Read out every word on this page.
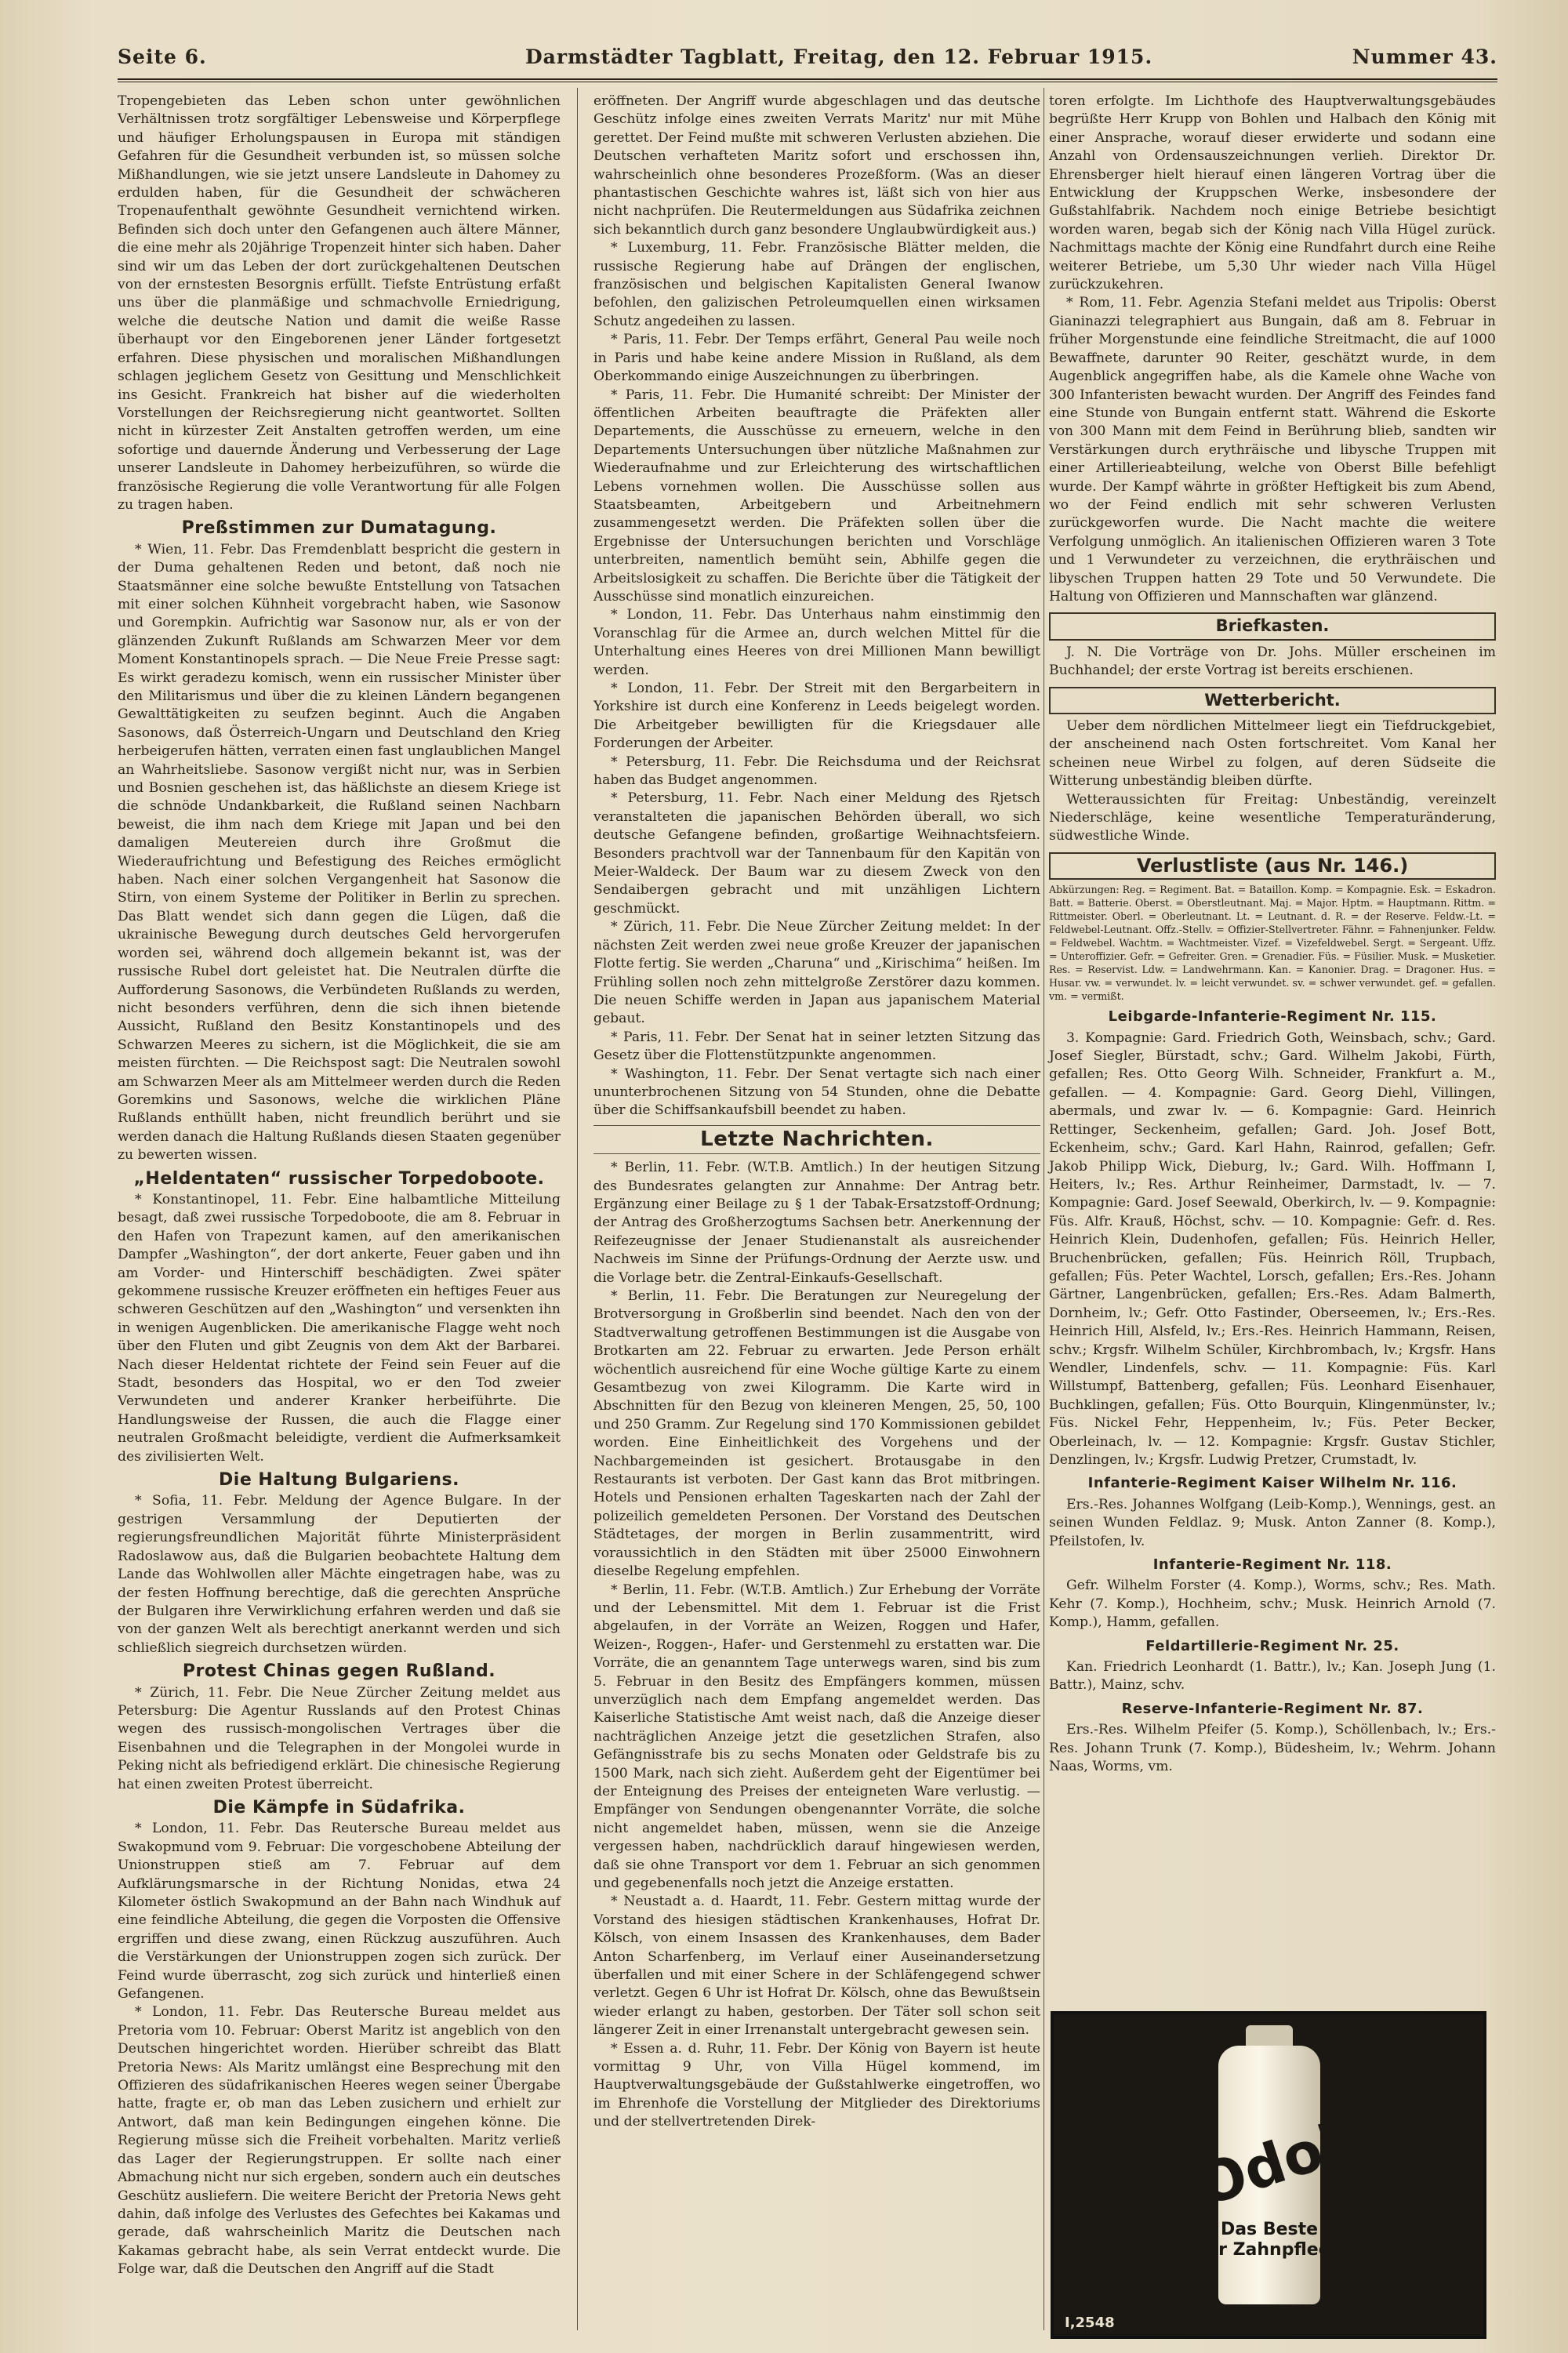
Seite 6.	Darmstädter Tagblatt, Freitag, den 12. Februar 1915.	Nummer 43.

Tropengebieten das Leben schon unter gewöhnlichen Verhältnissen trotz sorgfältiger Lebensweise und Körperpflege und häufiger Erholungspausen in Europa mit ständigen Gefahren für die Gesundheit verbunden ist, so müssen solche Mißhandlungen, wie sie jetzt unsere Landsleute in Dahomey zu erdulden haben, für die Gesundheit der schwächeren Tropenaufenthalt gewöhnte Gesundheit vernichtend wirken. Befinden sich doch unter den Gefangenen auch ältere Männer, die eine mehr als 20jährige Tropenzeit hinter sich haben. Daher sind wir um das Leben der dort zurückgehaltenen Deutschen von der ernstesten Besorgnis erfüllt. Tiefste Entrüstung erfaßt uns über die planmäßige und schmachvolle Erniedrigung, welche die deutsche Nation und damit die weiße Rasse überhaupt vor den Eingeborenen jener Länder fortgesetzt erfahren. Diese physischen und moralischen Mißhandlungen schlagen jeglichem Gesetz von Gesittung und Menschlichkeit ins Gesicht. Frankreich hat bisher auf die wiederholten Vorstellungen der Reichsregierung nicht geantwortet. Sollten nicht in kürzester Zeit Anstalten getroffen werden, um eine sofortige und dauernde Änderung und Verbesserung der Lage unserer Landsleute in Dahomey herbeizuführen, so würde die französische Regierung die volle Verantwortung für alle Folgen zu tragen haben.

Preßstimmen zur Dumatagung.

* Wien, 11. Febr. Das Fremdenblatt bespricht die gestern in der Duma gehaltenen Reden und betont, daß noch nie Staatsmänner eine solche bewußte Entstellung von Tatsachen mit einer solchen Kühnheit vorgebracht haben, wie Sasonow und Gorempkin. Aufrichtig war Sasonow nur, als er von der glänzenden Zukunft Rußlands am Schwarzen Meer vor dem Moment Konstantinopels sprach. — Die Neue Freie Presse sagt: Es wirkt geradezu komisch, wenn ein russischer Minister über den Militarismus und über die zu kleinen Ländern begangenen Gewalttätigkeiten zu seufzen beginnt. Auch die Angaben Sasonows, daß Österreich-Ungarn und Deutschland den Krieg herbeigerufen hätten, verraten einen fast unglaublichen Mangel an Wahrheitsliebe. Sasonow vergißt nicht nur, was in Serbien und Bosnien geschehen ist, das häßlichste an diesem Kriege ist die schnöde Undankbarkeit, die Rußland seinen Nachbarn beweist, die ihm nach dem Kriege mit Japan und bei den damaligen Meutereien durch ihre Großmut die Wiederaufrichtung und Befestigung des Reiches ermöglicht haben. Nach einer solchen Vergangenheit hat Sasonow die Stirn, von einem Systeme der Politiker in Berlin zu sprechen. Das Blatt wendet sich dann gegen die Lügen, daß die ukrainische Bewegung durch deutsches Geld hervorgerufen worden sei, während doch allgemein bekannt ist, was der russische Rubel dort geleistet hat. Die Neutralen dürfte die Aufforderung Sasonows, die Verbündeten Rußlands zu werden, nicht besonders verführen, denn die sich ihnen bietende Aussicht, Rußland den Besitz Konstantinopels und des Schwarzen Meeres zu sichern, ist die Möglichkeit, die sie am meisten fürchten. — Die Reichspost sagt: Die Neutralen sowohl am Schwarzen Meer als am Mittelmeer werden durch die Reden Goremkins und Sasonows, welche die wirklichen Pläne Rußlands enthüllt haben, nicht freundlich berührt und sie werden danach die Haltung Rußlands diesen Staaten gegenüber zu bewerten wissen.

„Heldentaten“ russischer Torpedoboote.

* Konstantinopel, 11. Febr. Eine halbamtliche Mitteilung besagt, daß zwei russische Torpedoboote, die am 8. Februar in den Hafen von Trapezunt kamen, auf den amerikanischen Dampfer „Washington“, der dort ankerte, Feuer gaben und ihn am Vorder- und Hinterschiff beschädigten. Zwei später gekommene russische Kreuzer eröffneten ein heftiges Feuer aus schweren Geschützen auf den „Washington“ und versenkten ihn in wenigen Augenblicken. Die amerikanische Flagge weht noch über den Fluten und gibt Zeugnis von dem Akt der Barbarei. Nach dieser Heldentat richtete der Feind sein Feuer auf die Stadt, besonders das Hospital, wo er den Tod zweier Verwundeten und anderer Kranker herbeiführte. Die Handlungsweise der Russen, die auch die Flagge einer neutralen Großmacht beleidigte, verdient die Aufmerksamkeit des zivilisierten Welt.

Die Haltung Bulgariens.

* Sofia, 11. Febr. Meldung der Agence Bulgare. In der gestrigen Versammlung der Deputierten der regierungsfreundlichen Majorität führte Ministerpräsident Radoslawow aus, daß die Bulgarien beobachtete Haltung dem Lande das Wohlwollen aller Mächte eingetragen habe, was zu der festen Hoffnung berechtige, daß die gerechten Ansprüche der Bulgaren ihre Verwirklichung erfahren werden und daß sie von der ganzen Welt als berechtigt anerkannt werden und sich schließlich siegreich durchsetzen würden.

Protest Chinas gegen Rußland.

* Zürich, 11. Febr. Die Neue Zürcher Zeitung meldet aus Petersburg: Die Agentur Russlands auf den Protest Chinas wegen des russisch-mongolischen Vertrages über die Eisenbahnen und die Telegraphen in der Mongolei wurde in Peking nicht als befriedigend erklärt. Die chinesische Regierung hat einen zweiten Protest überreicht.

Die Kämpfe in Südafrika.

* London, 11. Febr. Das Reutersche Bureau meldet aus Swakopmund vom 9. Februar: Die vorgeschobene Abteilung der Unionstruppen stieß am 7. Februar auf dem Aufklärungsmarsche in der Richtung Nonidas, etwa 24 Kilometer östlich Swakopmund an der Bahn nach Windhuk auf eine feindliche Abteilung, die gegen die Vorposten die Offensive ergriffen und diese zwang, einen Rückzug auszuführen. Auch die Verstärkungen der Unionstruppen zogen sich zurück. Der Feind wurde überrascht, zog sich zurück und hinterließ einen Gefangenen.

* London, 11. Febr. Das Reutersche Bureau meldet aus Pretoria vom 10. Februar: Oberst Maritz ist angeblich von den Deutschen hingerichtet worden. Hierüber schreibt das Blatt Pretoria News: Als Maritz umlängst eine Besprechung mit den Offizieren des südafrikanischen Heeres wegen seiner Übergabe hatte, fragte er, ob man das Leben zusichern und erhielt zur Antwort, daß man kein Bedingungen eingehen könne. Die Regierung müsse sich die Freiheit vorbehalten. Maritz verließ das Lager der Regierungstruppen. Er sollte nach einer Abmachung nicht nur sich ergeben, sondern auch ein deutsches Geschütz ausliefern. Die weitere Bericht der Pretoria News geht dahin, daß infolge des Verlustes des Gefechtes bei Kakamas und gerade, daß wahrscheinlich Maritz die Deutschen nach Kakamas gebracht habe, als sein Verrat entdeckt wurde. Die Folge war, daß die Deutschen den Angriff auf die Stadt

eröffneten. Der Angriff wurde abgeschlagen und das deutsche Geschütz infolge eines zweiten Verrats Maritz' nur mit Mühe gerettet. Der Feind mußte mit schweren Verlusten abziehen. Die Deutschen verhafteten Maritz sofort und erschossen ihn, wahrscheinlich ohne besonderes Prozeßform. (Was an dieser phantastischen Geschichte wahres ist, läßt sich von hier aus nicht nachprüfen. Die Reutermeldungen aus Südafrika zeichnen sich bekanntlich durch ganz besondere Unglaubwürdigkeit aus.)

* Luxemburg, 11. Febr. Französische Blätter melden, die russische Regierung habe auf Drängen der englischen, französischen und belgischen Kapitalisten General Iwanow befohlen, den galizischen Petroleumquellen einen wirksamen Schutz angedeihen zu lassen.

* Paris, 11. Febr. Der Temps erfährt, General Pau weile noch in Paris und habe keine andere Mission in Rußland, als dem Oberkommando einige Auszeichnungen zu überbringen.

* Paris, 11. Febr. Die Humanité schreibt: Der Minister der öffentlichen Arbeiten beauftragte die Präfekten aller Departements, die Ausschüsse zu erneuern, welche in den Departements Untersuchungen über nützliche Maßnahmen zur Wiederaufnahme und zur Erleichterung des wirtschaftlichen Lebens vornehmen wollen. Die Ausschüsse sollen aus Staatsbeamten, Arbeitgebern und Arbeitnehmern zusammengesetzt werden. Die Präfekten sollen über die Ergebnisse der Untersuchungen berichten und Vorschläge unterbreiten, namentlich bemüht sein, Abhilfe gegen die Arbeitslosigkeit zu schaffen. Die Berichte über die Tätigkeit der Ausschüsse sind monatlich einzureichen.

* London, 11. Febr. Das Unterhaus nahm einstimmig den Voranschlag für die Armee an, durch welchen Mittel für die Unterhaltung eines Heeres von drei Millionen Mann bewilligt werden.

* London, 11. Febr. Der Streit mit den Bergarbeitern in Yorkshire ist durch eine Konferenz in Leeds beigelegt worden. Die Arbeitgeber bewilligten für die Kriegsdauer alle Forderungen der Arbeiter.

* Petersburg, 11. Febr. Die Reichsduma und der Reichsrat haben das Budget angenommen.

* Petersburg, 11. Febr. Nach einer Meldung des Rjetsch veranstalteten die japanischen Behörden überall, wo sich deutsche Gefangene befinden, großartige Weihnachtsfeiern. Besonders prachtvoll war der Tannenbaum für den Kapitän von Meier-Waldeck. Der Baum war zu diesem Zweck von den Sendaibergen gebracht und mit unzähligen Lichtern geschmückt.

* Zürich, 11. Febr. Die Neue Zürcher Zeitung meldet: In der nächsten Zeit werden zwei neue große Kreuzer der japanischen Flotte fertig. Sie werden „Charuna“ und „Kirischima“ heißen. Im Frühling sollen noch zehn mittelgroße Zerstörer dazu kommen. Die neuen Schiffe werden in Japan aus japanischem Material gebaut.

* Paris, 11. Febr. Der Senat hat in seiner letzten Sitzung das Gesetz über die Flottenstützpunkte angenommen.

* Washington, 11. Febr. Der Senat vertagte sich nach einer ununterbrochenen Sitzung von 54 Stunden, ohne die Debatte über die Schiffsankaufsbill beendet zu haben.

Letzte Nachrichten.

* Berlin, 11. Febr. (W.T.B. Amtlich.) In der heutigen Sitzung des Bundesrates gelangten zur Annahme: Der Antrag betr. Ergänzung einer Beilage zu § 1 der Tabak-Ersatzstoff-Ordnung; der Antrag des Großherzogtums Sachsen betr. Anerkennung der Reifezeugnisse der Jenaer Studienanstalt als ausreichender Nachweis im Sinne der Prüfungs-Ordnung der Aerzte usw. und die Vorlage betr. die Zentral-Einkaufs-Gesellschaft.

* Berlin, 11. Febr. Die Beratungen zur Neuregelung der Brotversorgung in Großberlin sind beendet. Nach den von der Stadtverwaltung getroffenen Bestimmungen ist die Ausgabe von Brotkarten am 22. Februar zu erwarten. Jede Person erhält wöchentlich ausreichend für eine Woche gültige Karte zu einem Gesamtbezug von zwei Kilogramm. Die Karte wird in Abschnitten für den Bezug von kleineren Mengen, 25, 50, 100 und 250 Gramm. Zur Regelung sind 170 Kommissionen gebildet worden. Eine Einheitlichkeit des Vorgehens und der Nachbargemeinden ist gesichert. Brotausgabe in den Restaurants ist verboten. Der Gast kann das Brot mitbringen. Hotels und Pensionen erhalten Tageskarten nach der Zahl der polizeilich gemeldeten Personen. Der Vorstand des Deutschen Städtetages, der morgen in Berlin zusammentritt, wird voraussichtlich in den Städten mit über 25000 Einwohnern dieselbe Regelung empfehlen.

* Berlin, 11. Febr. (W.T.B. Amtlich.) Zur Erhebung der Vorräte und der Lebensmittel. Mit dem 1. Februar ist die Frist abgelaufen, in der Vorräte an Weizen, Roggen und Hafer, Weizen-, Roggen-, Hafer- und Gerstenmehl zu erstatten war. Die Vorräte, die an genanntem Tage unterwegs waren, sind bis zum 5. Februar in den Besitz des Empfängers kommen, müssen unverzüglich nach dem Empfang angemeldet werden. Das Kaiserliche Statistische Amt weist nach, daß die Anzeige dieser nachträglichen Anzeige jetzt die gesetzlichen Strafen, also Gefängnisstrafe bis zu sechs Monaten oder Geldstrafe bis zu 1500 Mark, nach sich zieht. Außerdem geht der Eigentümer bei der Enteignung des Preises der enteigneten Ware verlustig. — Empfänger von Sendungen obengenannter Vorräte, die solche nicht angemeldet haben, müssen, wenn sie die Anzeige vergessen haben, nachdrücklich darauf hingewiesen werden, daß sie ohne Transport vor dem 1. Februar an sich genommen und gegebenenfalls noch jetzt die Anzeige erstatten.

* Neustadt a. d. Haardt, 11. Febr. Gestern mittag wurde der Vorstand des hiesigen städtischen Krankenhauses, Hofrat Dr. Kölsch, von einem Insassen des Krankenhauses, dem Bader Anton Scharfenberg, im Verlauf einer Auseinandersetzung überfallen und mit einer Schere in der Schläfengegend schwer verletzt. Gegen 6 Uhr ist Hofrat Dr. Kölsch, ohne das Bewußtsein wieder erlangt zu haben, gestorben. Der Täter soll schon seit längerer Zeit in einer Irrenanstalt untergebracht gewesen sein.

* Essen a. d. Ruhr, 11. Febr. Der König von Bayern ist heute vormittag 9 Uhr, von Villa Hügel kommend, im Hauptverwaltungsgebäude der Gußstahlwerke eingetroffen, wo im Ehrenhofe die Vorstellung der Mitglieder des Direktoriums und der stellvertretenden Direk-

toren erfolgte. Im Lichthofe des Hauptverwaltungsgebäudes begrüßte Herr Krupp von Bohlen und Halbach den König mit einer Ansprache, worauf dieser erwiderte und sodann eine Anzahl von Ordensauszeichnungen verlieh. Direktor Dr. Ehrensberger hielt hierauf einen längeren Vortrag über die Entwicklung der Kruppschen Werke, insbesondere der Gußstahlfabrik. Nachdem noch einige Betriebe besichtigt worden waren, begab sich der König nach Villa Hügel zurück. Nachmittags machte der König eine Rundfahrt durch eine Reihe weiterer Betriebe, um 5,30 Uhr wieder nach Villa Hügel zurückzukehren.

* Rom, 11. Febr. Agenzia Stefani meldet aus Tripolis: Oberst Gianinazzi telegraphiert aus Bungain, daß am 8. Februar in früher Morgenstunde eine feindliche Streitmacht, die auf 1000 Bewaffnete, darunter 90 Reiter, geschätzt wurde, in dem Augenblick angegriffen habe, als die Kamele ohne Wache von 300 Infanteristen bewacht wurden. Der Angriff des Feindes fand eine Stunde von Bungain entfernt statt. Während die Eskorte von 300 Mann mit dem Feind in Berührung blieb, sandten wir Verstärkungen durch erythräische und libysche Truppen mit einer Artillerieabteilung, welche von Oberst Bille befehligt wurde. Der Kampf währte in größter Heftigkeit bis zum Abend, wo der Feind endlich mit sehr schweren Verlusten zurückgeworfen wurde. Die Nacht machte die weitere Verfolgung unmöglich. An italienischen Offizieren waren 3 Tote und 1 Verwundeter zu verzeichnen, die erythräischen und libyschen Truppen hatten 29 Tote und 50 Verwundete. Die Haltung von Offizieren und Mannschaften war glänzend.

Briefkasten.

J. N. Die Vorträge von Dr. Johs. Müller erscheinen im Buchhandel; der erste Vortrag ist bereits erschienen.

Wetterbericht.

Ueber dem nördlichen Mittelmeer liegt ein Tiefdruckgebiet, der anscheinend nach Osten fortschreitet. Vom Kanal her scheinen neue Wirbel zu folgen, auf deren Südseite die Witterung unbeständig bleiben dürfte.

Wetteraussichten für Freitag: Unbeständig, vereinzelt Niederschläge, keine wesentliche Temperaturänderung, südwestliche Winde.

Verlustliste (aus Nr. 146.)

Abkürzungen: Reg. = Regiment. Bat. = Bataillon. Komp. = Kompagnie. Esk. = Eskadron. Batt. = Batterie. Oberst. = Oberstleutnant. Maj. = Major. Hptm. = Hauptmann. Rittm. = Rittmeister. Oberl. = Oberleutnant. Lt. = Leutnant. d. R. = der Reserve. Feldw.-Lt. = Feldwebel-Leutnant. Offz.-Stellv. = Offizier-Stellvertreter. Fähnr. = Fahnenjunker. Feldw. = Feldwebel. Wachtm. = Wachtmeister. Vizef. = Vizefeldwebel. Sergt. = Sergeant. Uffz. = Unteroffizier. Gefr. = Gefreiter. Gren. = Grenadier. Füs. = Füsilier. Musk. = Musketier. Res. = Reservist. Ldw. = Landwehrmann. Kan. = Kanonier. Drag. = Dragoner. Hus. = Husar. vw. = verwundet. lv. = leicht verwundet. sv. = schwer verwundet. gef. = gefallen. vm. = vermißt.

Leibgarde-Infanterie-Regiment Nr. 115.

3. Kompagnie: Gard. Friedrich Goth, Weinsbach, schv.; Gard. Josef Siegler, Bürstadt, schv.; Gard. Wilhelm Jakobi, Fürth, gefallen; Res. Otto Georg Wilh. Schneider, Frankfurt a. M., gefallen. — 4. Kompagnie: Gard. Georg Diehl, Villingen, abermals, und zwar lv. — 6. Kompagnie: Gard. Heinrich Rettinger, Seckenheim, gefallen; Gard. Joh. Josef Bott, Eckenheim, schv.; Gard. Karl Hahn, Rainrod, gefallen; Gefr. Jakob Philipp Wick, Dieburg, lv.; Gard. Wilh. Hoffmann I, Heiters, lv.; Res. Arthur Reinheimer, Darmstadt, lv. — 7. Kompagnie: Gard. Josef Seewald, Oberkirch, lv. — 9. Kompagnie: Füs. Alfr. Krauß, Höchst, schv. — 10. Kompagnie: Gefr. d. Res. Heinrich Klein, Dudenhofen, gefallen; Füs. Heinrich Heller, Bruchenbrücken, gefallen; Füs. Heinrich Röll, Trupbach, gefallen; Füs. Peter Wachtel, Lorsch, gefallen; Ers.-Res. Johann Gärtner, Langenbrücken, gefallen; Ers.-Res. Adam Balmerth, Dornheim, lv.; Gefr. Otto Fastinder, Oberseemen, lv.; Ers.-Res. Heinrich Hill, Alsfeld, lv.; Ers.-Res. Heinrich Hammann, Reisen, schv.; Krgsfr. Wilhelm Schüler, Kirchbrombach, lv.; Krgsfr. Hans Wendler, Lindenfels, schv. — 11. Kompagnie: Füs. Karl Willstumpf, Battenberg, gefallen; Füs. Leonhard Eisenhauer, Buchklingen, gefallen; Füs. Otto Bourquin, Klingenmünster, lv.; Füs. Nickel Fehr, Heppenheim, lv.; Füs. Peter Becker, Oberleinach, lv. — 12. Kompagnie: Krgsfr. Gustav Stichler, Denzlingen, lv.; Krgsfr. Ludwig Pretzer, Crumstadt, lv.

Infanterie-Regiment Kaiser Wilhelm Nr. 116.

Ers.-Res. Johannes Wolfgang (Leib-Komp.), Wennings, gest. an seinen Wunden Feldlaz. 9; Musk. Anton Zanner (8. Komp.), Pfeilstofen, lv.

Infanterie-Regiment Nr. 118.

Gefr. Wilhelm Forster (4. Komp.), Worms, schv.; Res. Math. Kehr (7. Komp.), Hochheim, schv.; Musk. Heinrich Arnold (7. Komp.), Hamm, gefallen.

Feldartillerie-Regiment Nr. 25.

Kan. Friedrich Leonhardt (1. Battr.), lv.; Kan. Joseph Jung (1. Battr.), Mainz, schv.

Reserve-Infanterie-Regiment Nr. 87.

Ers.-Res. Wilhelm Pfeifer (5. Komp.), Schöllenbach, lv.; Ers.-Res. Johann Trunk (7. Komp.), Büdesheim, lv.; Wehrm. Johann Naas, Worms, vm.

Odol
Das Beste
zur Zahnpflege
I,2548
